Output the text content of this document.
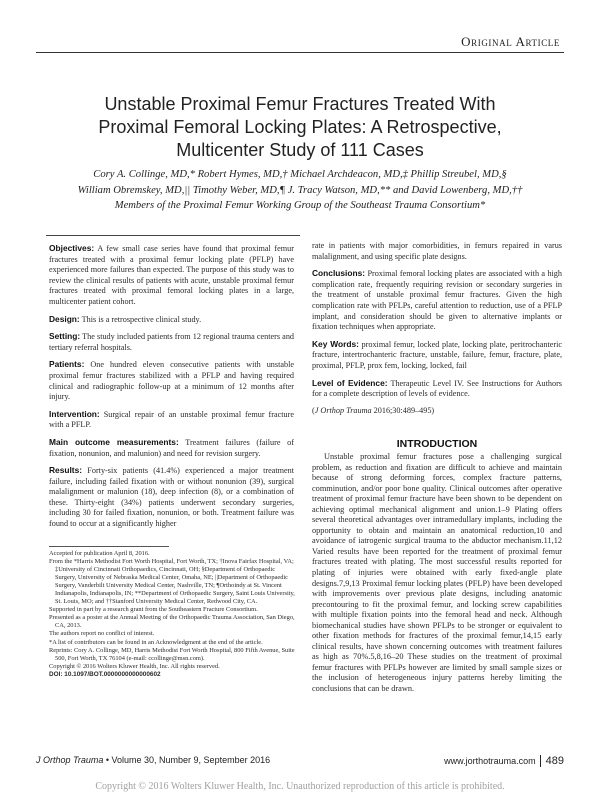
Original Article
Unstable Proximal Femur Fractures Treated With
Proximal Femoral Locking Plates: A Retrospective,
Multicenter Study of 111 Cases
Cory A. Collinge, MD,* Robert Hymes, MD,† Michael Archdeacon, MD,‡ Phillip Streubel, MD,§
William Obremskey, MD,|| Timothy Weber, MD,¶ J. Tracy Watson, MD,** and David Lowenberg, MD,††
Members of the Proximal Femur Working Group of the Southeast Trauma Consortium*

Objectives: A few small case series have found that proximal femur fractures treated with a proximal femur locking plate (PFLP) have experienced more failures than expected. The purpose of this study was to review the clinical results of patients with acute, unstable proximal femur fractures treated with proximal femoral locking plates in a large, multicenter patient cohort.

Design: This is a retrospective clinical study.

Setting: The study included patients from 12 regional trauma centers and tertiary referral hospitals.

Patients: One hundred eleven consecutive patients with unstable proximal femur fractures stabilized with a PFLP and having required clinical and radiographic follow-up at a minimum of 12 months after injury.

Intervention: Surgical repair of an unstable proximal femur fracture with a PFLP.

Main outcome measurements: Treatment failures (failure of fixation, nonunion, and malunion) and need for revision surgery.

Results: Forty-six patients (41.4%) experienced a major treatment failure, including failed fixation with or without nonunion (39), surgical malalignment or malunion (18), deep infection (8), or a combination of these. Thirty-eight (34%) patients underwent secondary surgeries, including 30 for failed fixation, nonunion, or both. Treatment failure was found to occur at a significantly higher

rate in patients with major comorbidities, in femurs repaired in varus malalignment, and using specific plate designs.

Conclusions: Proximal femoral locking plates are associated with a high complication rate, frequently requiring revision or secondary surgeries in the treatment of unstable proximal femur fractures. Given the high complication rate with PFLPs, careful attention to reduction, use of a PFLP implant, and consideration should be given to alternative implants or fixation techniques when appropriate.

Key Words: proximal femur, locked plate, locking plate, peritrochanteric fracture, intertrochanteric fracture, unstable, failure, femur, fracture, plate, proximal, PFLP, prox fem, locking, locked, fail

Level of Evidence: Therapeutic Level IV. See Instructions for Authors for a complete description of levels of evidence.

(J Orthop Trauma 2016;30:489–495)

INTRODUCTION

Unstable proximal femur fractures pose a challenging surgical problem, as reduction and fixation are difficult to achieve and maintain because of strong deforming forces, complex fracture patterns, comminution, and/or poor bone quality. Clinical outcomes after operative treatment of proximal femur fracture have been shown to be dependent on achieving optimal mechanical alignment and union.1–9 Plating offers several theoretical advantages over intramedullary implants, including the opportunity to obtain and maintain an anatomical reduction,10 and avoidance of iatrogenic surgical trauma to the abductor mechanism.11,12 Varied results have been reported for the treatment of proximal femur fractures treated with plating. The most successful results reported for plating of injuries were obtained with early fixed-angle plate designs.7,9,13 Proximal femur locking plates (PFLP) have been developed with improvements over previous plate designs, including anatomic precontouring to fit the proximal femur, and locking screw capabilities with multiple fixation points into the femoral head and neck. Although biomechanical studies have shown PFLPs to be stronger or equivalent to other fixation methods for fractures of the proximal femur,14,15 early clinical results, have shown concerning outcomes with treatment failures as high as 70%.5,8,16–20 These studies on the treatment of proximal femur fractures with PFLPs however are limited by small sample sizes or the inclusion of heterogeneous injury patterns hereby limiting the conclusions that can be drawn.

Accepted for publication April 8, 2016.
From the *Harris Methodist Fort Worth Hospital, Fort Worth, TX; †Inova Fairfax Hospital, VA; ‡University of Cincinnati Orthopaedics, Cincinnati, OH; §Department of Orthopaedic Surgery, University of Nebraska Medical Center, Omaha, NE; ||Department of Orthopaedic Surgery, Vanderbilt University Medical Center, Nashville, TN; ¶Orthoindy at St. Vincent Indianapolis, Indianapolis, IN; **Department of Orthopaedic Surgery, Saint Louis University, St. Louis, MO; and ††Stanford University Medical Center, Redwood City, CA.
Supported in part by a research grant from the Southeastern Fracture Consortium.
Presented as a poster at the Annual Meeting of the Orthopaedic Trauma Association, San Diego, CA, 2013.
The authors report no conflict of interest.
*A list of contributors can be found in an Acknowledgment at the end of the article.
Reprints: Cory A. Collinge, MD, Harris Methodist Fort Worth Hospital, 800 Fifth Avenue, Suite 500, Fort Worth, TX 76104 (e-mail: ccollinge@msn.com).
Copyright © 2016 Wolters Kluwer Health, Inc. All rights reserved.
DOI: 10.1097/BOT.0000000000000602
J Orthop Trauma • Volume 30, Number 9, September 2016	www.jorthotrauma.com 489
Copyright © 2016 Wolters Kluwer Health, Inc. Unauthorized reproduction of this article is prohibited.
